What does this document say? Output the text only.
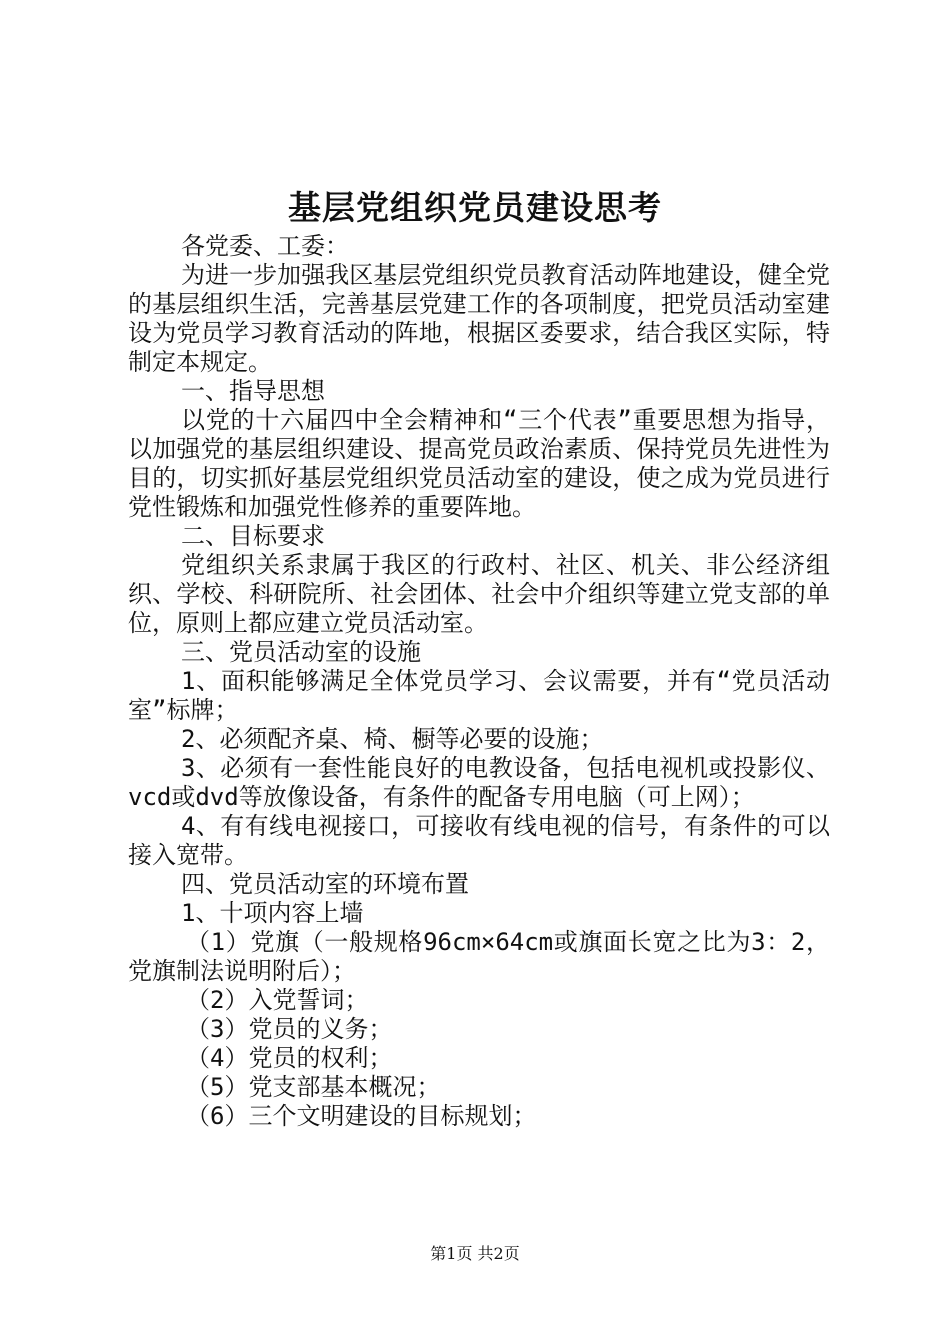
基层党组织党员建设思考

各党委、工委：

为进一步加强我区基层党组织党员教育活动阵地建设，健全党的基层组织生活，完善基层党建工作的各项制度，把党员活动室建设为党员学习教育活动的阵地，根据区委要求，结合我区实际，特制定本规定。

一、指导思想

以党的十六届四中全会精神和“三个代表”重要思想为指导，以加强党的基层组织建设、提高党员政治素质、保持党员先进性为目的，切实抓好基层党组织党员活动室的建设，使之成为党员进行党性锻炼和加强党性修养的重要阵地。

二、目标要求

党组织关系隶属于我区的行政村、社区、机关、非公经济组织、学校、科研院所、社会团体、社会中介组织等建立党支部的单位，原则上都应建立党员活动室。

三、党员活动室的设施

1、面积能够满足全体党员学习、会议需要，并有“党员活动室”标牌；

2、必须配齐桌、椅、橱等必要的设施；

3、必须有一套性能良好的电教设备，包括电视机或投影仪、vcd或dvd等放像设备，有条件的配备专用电脑（可上网）；

4、有有线电视接口，可接收有线电视的信号，有条件的可以接入宽带。

四、党员活动室的环境布置

1、十项内容上墙

（1）党旗（一般规格96cm×64cm或旗面长宽之比为3：2，党旗制法说明附后）；

（2）入党誓词；

（3）党员的义务；

（4）党员的权利；

（5）党支部基本概况；

（6）三个文明建设的目标规划；

第1页 共2页
